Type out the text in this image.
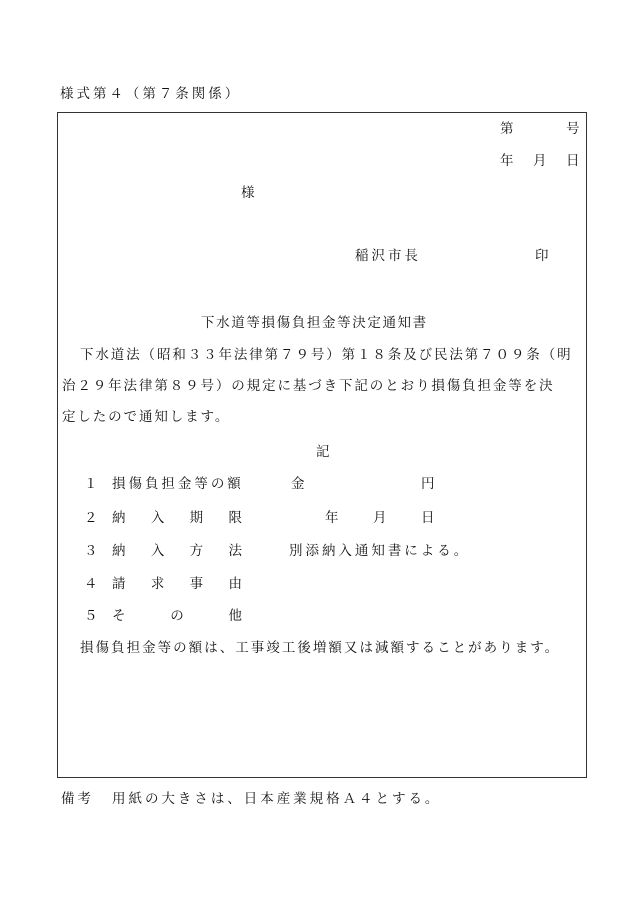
様式第４（第７条関係）
第	号
年 月 日
様
稲沢市長	印
下水道等損傷負担金等決定通知書
下水道法（昭和３３年法律第７９号）第１８条及び民法第７０９条（明
治２９年法律第８９号）の規定に基づき下記のとおり損傷負担金等を決
定したので通知します。
記
１ 損傷負担金等の額	金	円
２ 納 入 期 限	年	月	日
３ 納 入 方 法	別添納入通知書による。
４ 請 求 事 由
５ そ	の	他
損傷負担金等の額は、工事竣工後増額又は減額することがあります。
備考 用紙の大きさは、日本産業規格Ａ４とする。
